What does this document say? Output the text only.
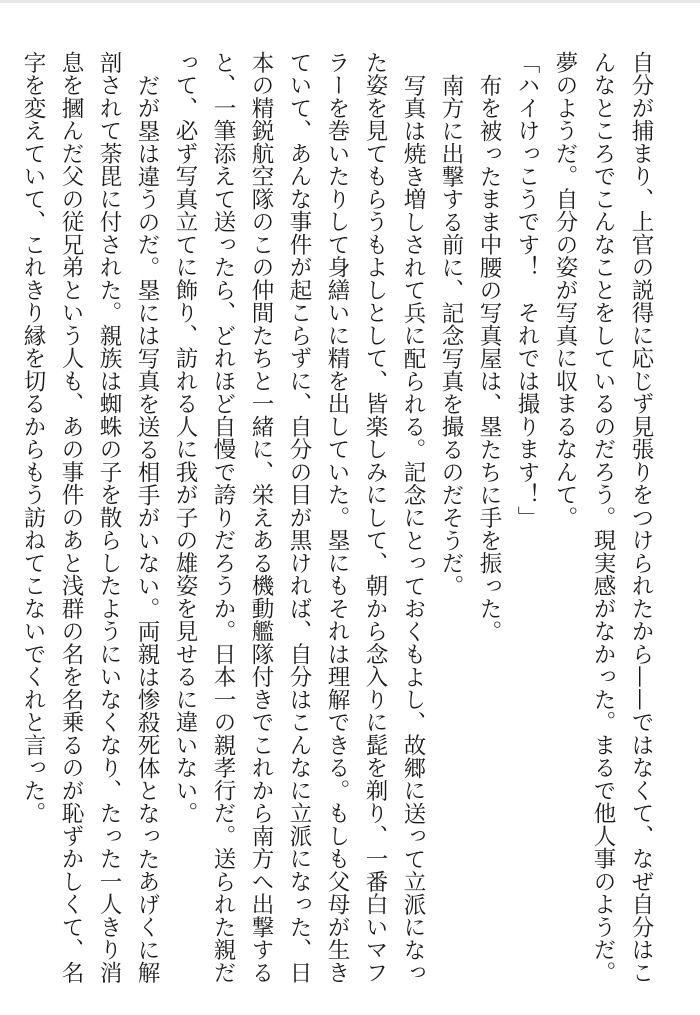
自分が捕まり、上官の説得に応じず見張りをつけられたから——ではなくて、なぜ自分はこんなところでこんなことをしているのだろう。現実感がなかった。まるで他人事のようだ。夢のようだ。自分の姿が写真に収まるなんて。
「ハイけっこうです！　それでは撮ります！」
布を被ったまま中腰の写真屋は、塁たちに手を振った。
南方に出撃する前に、記念写真を撮るのだそうだ。
写真は焼き増しされて兵に配られる。記念にとっておくもよし、故郷に送って立派になった姿を見てもらうもよしとして、皆楽しみにして、朝から念入りに髭を剃り、一番白いマフラーを巻いたりして身繕いに精を出していた。塁にもそれは理解できる。もしも父母が生きていて、あんな事件が起こらずに、自分の目が黒ければ、自分はこんなに立派になった、日本の精鋭航空隊のこの仲間たちと一緒に、栄えある機動艦隊付きでこれから南方へ出撃すると、一筆添えて送ったら、どれほど自慢で誇りだろうか。日本一の親孝行だ。送られた親だって、必ず写真立てに飾り、訪れる人に我が子の雄姿を見せるに違いない。
だが塁は違うのだ。塁には写真を送る相手がいない。両親は惨殺死体となったあげくに解剖されて荼毘に付された。親族は蜘蛛の子を散らしたようにいなくなり、たった一人きり消息を摑んだ父の従兄弟という人も、あの事件のあと浅群の名を名乗るのが恥ずかしくて、名字を変えていて、これきり縁を切るからもう訪ねてこないでくれと言った。
